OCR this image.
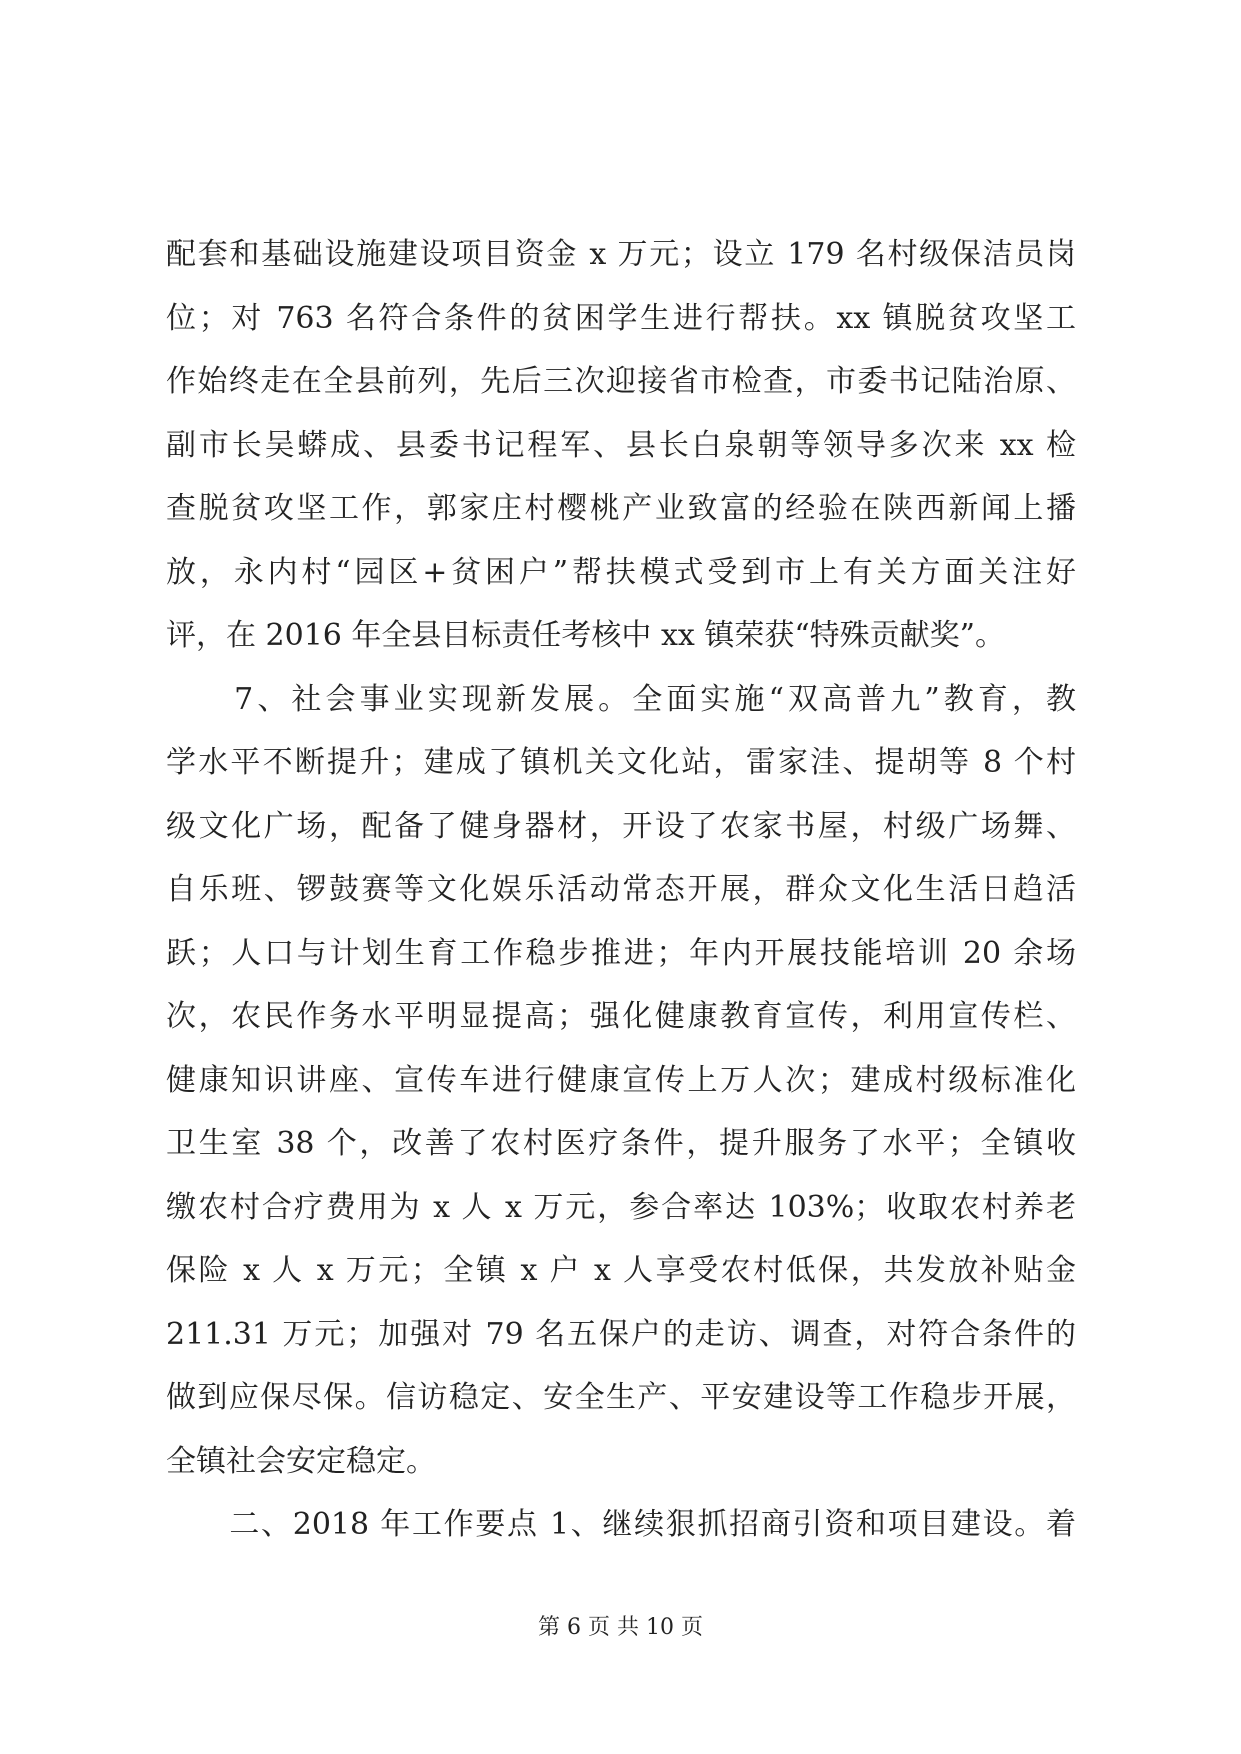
配套和基础设施建设项目资金 x 万元；设立 179 名村级保洁员岗
位；对 763 名符合条件的贫困学生进行帮扶。xx 镇脱贫攻坚工
作始终走在全县前列，先后三次迎接省市检查，市委书记陆治原、
副市长吴蟒成、县委书记程军、县长白泉朝等领导多次来 xx 检
查脱贫攻坚工作，郭家庄村樱桃产业致富的经验在陕西新闻上播
放，永内村“园区+贫困户”帮扶模式受到市上有关方面关注好
评，在 2016 年全县目标责任考核中 xx 镇荣获“特殊贡献奖”。

　　7、社会事业实现新发展。全面实施“双高普九”教育，教
学水平不断提升；建成了镇机关文化站，雷家洼、提胡等 8 个村
级文化广场，配备了健身器材，开设了农家书屋，村级广场舞、
自乐班、锣鼓赛等文化娱乐活动常态开展，群众文化生活日趋活
跃；人口与计划生育工作稳步推进；年内开展技能培训 20 余场
次，农民作务水平明显提高；强化健康教育宣传，利用宣传栏、
健康知识讲座、宣传车进行健康宣传上万人次；建成村级标准化
卫生室 38 个，改善了农村医疗条件，提升服务了水平；全镇收
缴农村合疗费用为 x 人 x 万元，参合率达 103%；收取农村养老
保险 x 人 x 万元；全镇 x 户 x 人享受农村低保，共发放补贴金
211.31 万元；加强对 79 名五保户的走访、调查，对符合条件的
做到应保尽保。信访稳定、安全生产、平安建设等工作稳步开展，
全镇社会安定稳定。

　　二、2018 年工作要点 1、继续狠抓招商引资和项目建设。着

第 6 页 共 10 页
